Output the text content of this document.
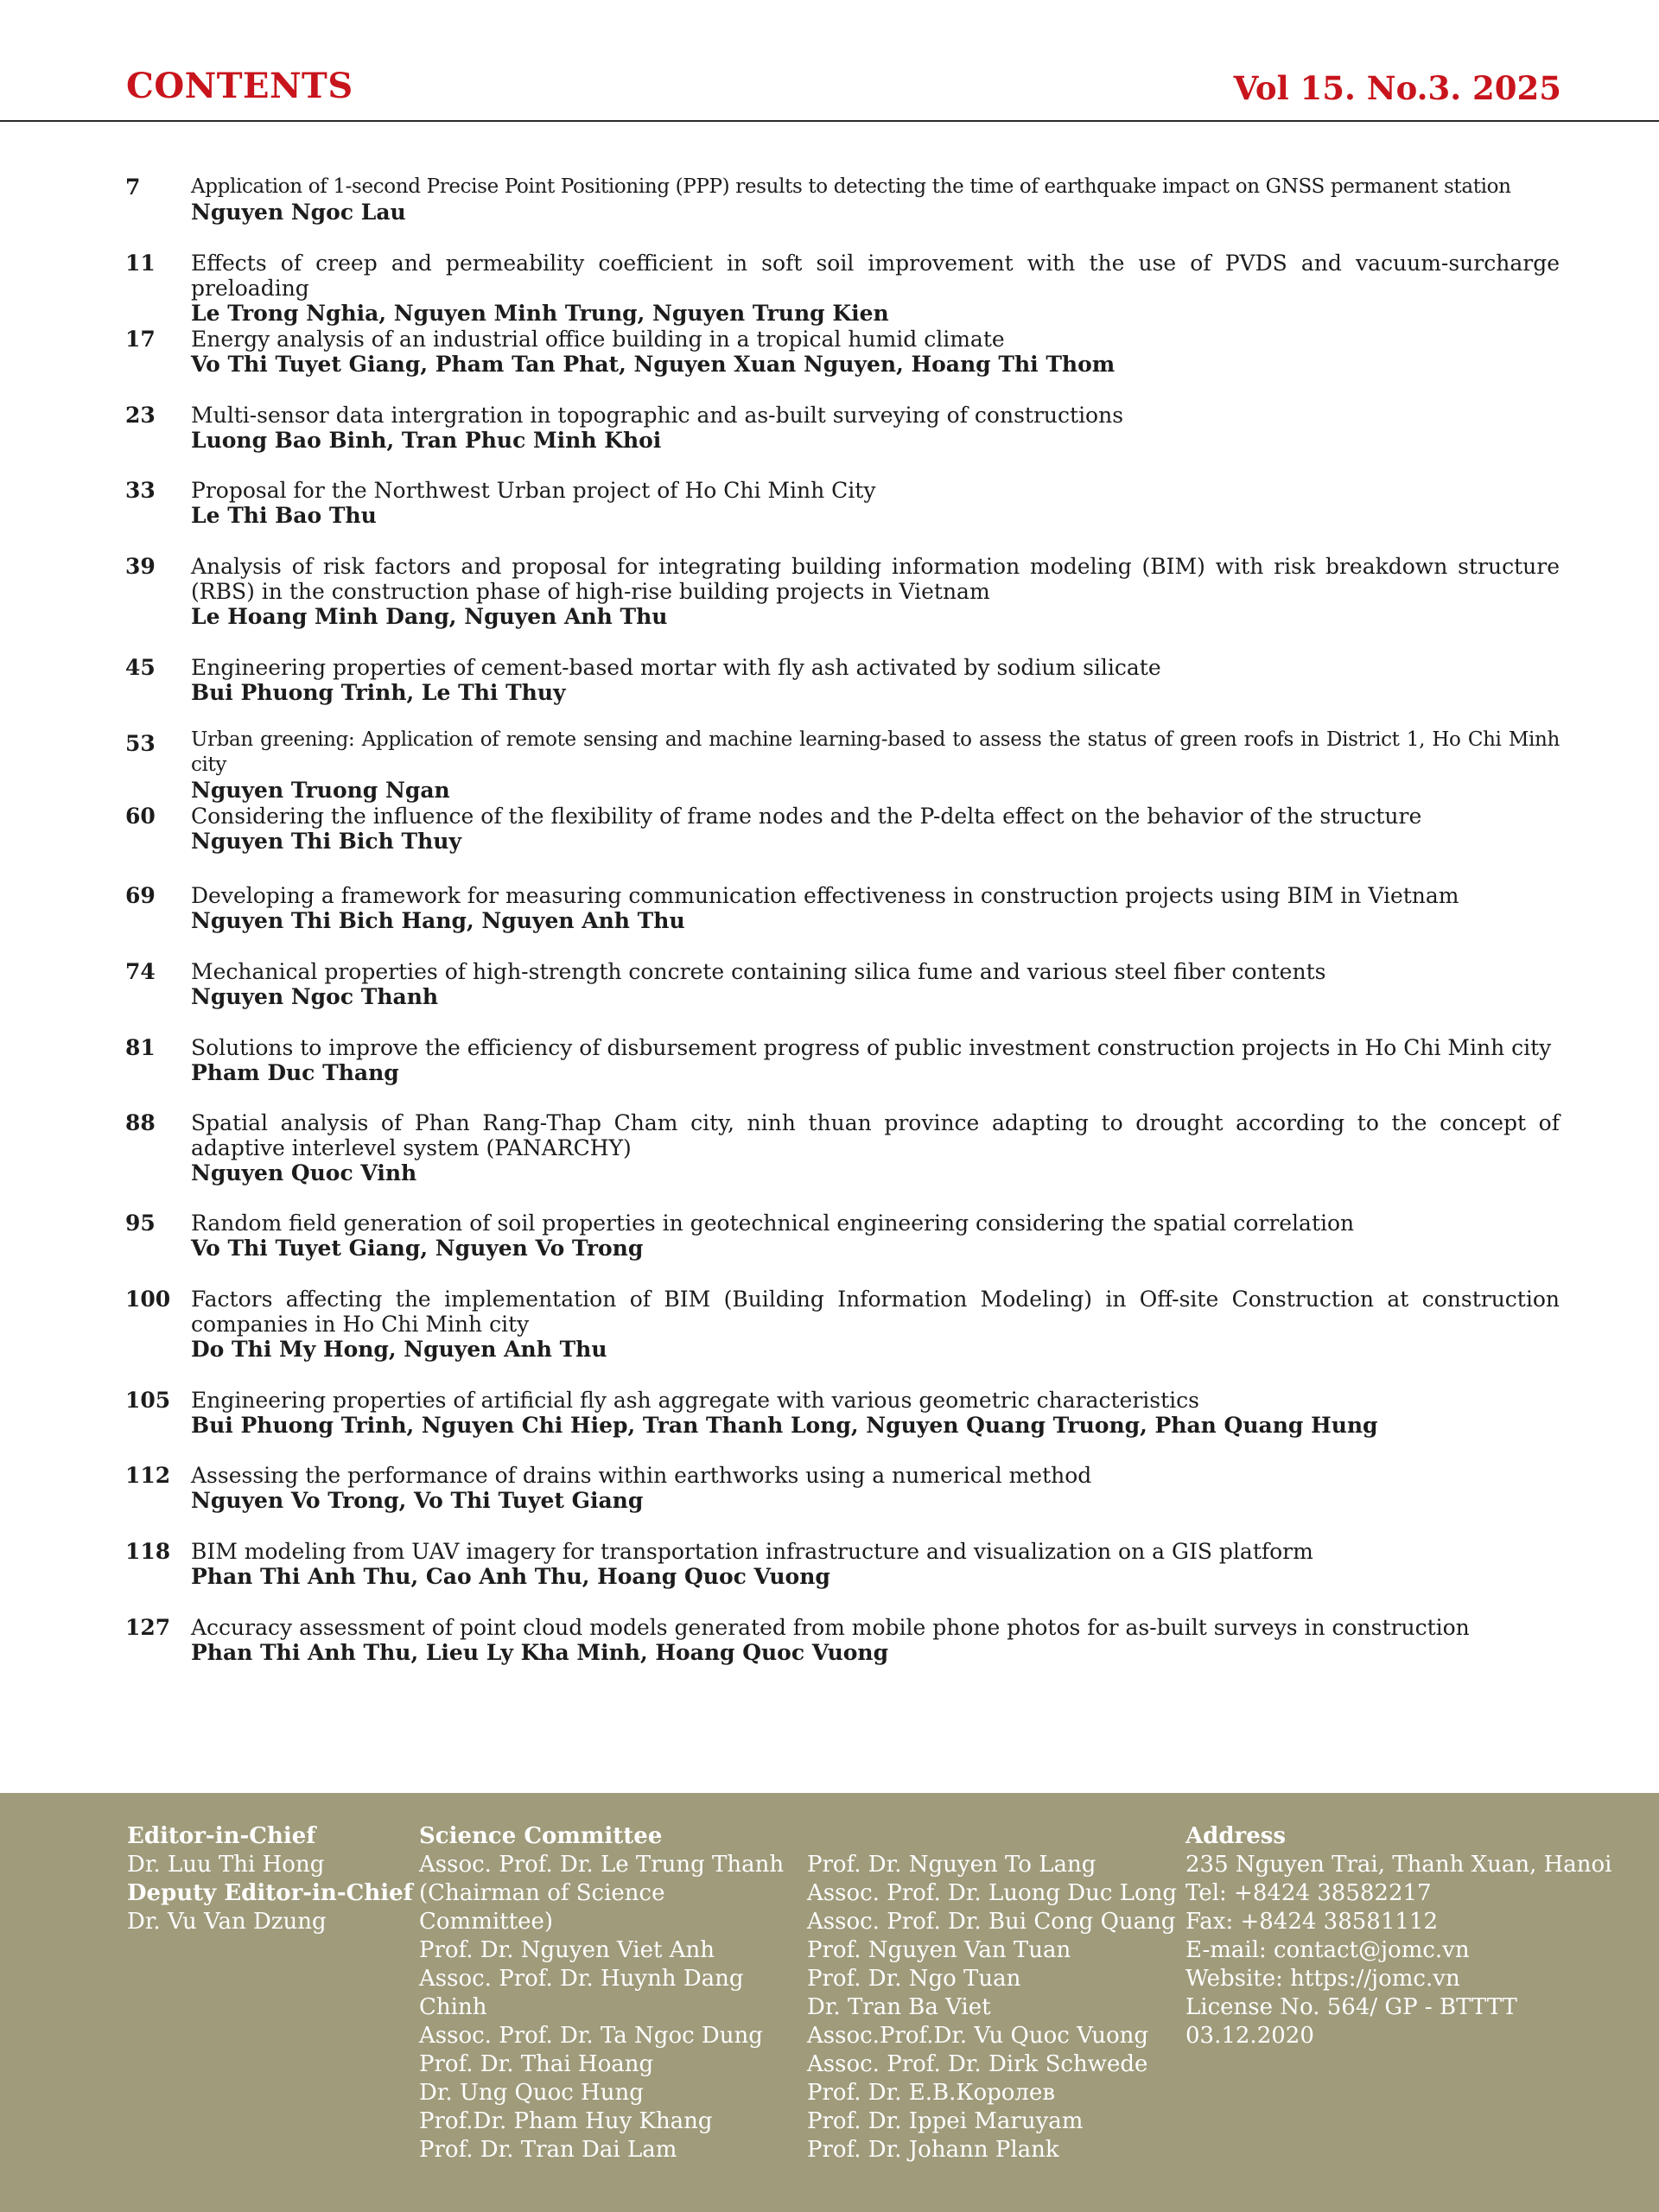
CONTENTS	Vol 15. No.3. 2025
7	Application of 1-second Precise Point Positioning (PPP) results to detecting the time of earthquake impact on GNSS permanent station
Nguyen Ngoc Lau
11	Effects of creep and permeability coefficient in soft soil improvement with the use of PVDS and vacuum-surcharge preloading
Le Trong Nghia, Nguyen Minh Trung, Nguyen Trung Kien
17	Energy analysis of an industrial office building in a tropical humid climate
Vo Thi Tuyet Giang, Pham Tan Phat, Nguyen Xuan Nguyen, Hoang Thi Thom
23	Multi-sensor data intergration in topographic and as-built surveying of constructions
Luong Bao Binh, Tran Phuc Minh Khoi
33	Proposal for the Northwest Urban project of Ho Chi Minh City
Le Thi Bao Thu
39	Analysis of risk factors and proposal for integrating building information modeling (BIM) with risk breakdown structure (RBS) in the construction phase of high-rise building projects in Vietnam
Le Hoang Minh Dang, Nguyen Anh Thu
45	Engineering properties of cement-based mortar with fly ash activated by sodium silicate
Bui Phuong Trinh, Le Thi Thuy
53	Urban greening: Application of remote sensing and machine learning-based to assess the status of green roofs in District 1, Ho Chi Minh city
Nguyen Truong Ngan
60	Considering the influence of the flexibility of frame nodes and the P-delta effect on the behavior of the structure
Nguyen Thi Bich Thuy
69	Developing a framework for measuring communication effectiveness in construction projects using BIM in Vietnam
Nguyen Thi Bich Hang, Nguyen Anh Thu
74	Mechanical properties of high-strength concrete containing silica fume and various steel fiber contents
Nguyen Ngoc Thanh
81	Solutions to improve the efficiency of disbursement progress of public investment construction projects in Ho Chi Minh city
Pham Duc Thang
88	Spatial analysis of Phan Rang-Thap Cham city, ninh thuan province adapting to drought according to the concept of adaptive interlevel system (PANARCHY)
Nguyen Quoc Vinh
95	Random field generation of soil properties in geotechnical engineering considering the spatial correlation
Vo Thi Tuyet Giang, Nguyen Vo Trong
100 Factors affecting the implementation of BIM (Building Information Modeling) in Off-site Construction at construction companies in Ho Chi Minh city
Do Thi My Hong, Nguyen Anh Thu
105 Engineering properties of artificial fly ash aggregate with various geometric characteristics
Bui Phuong Trinh, Nguyen Chi Hiep, Tran Thanh Long, Nguyen Quang Truong, Phan Quang Hung
112 Assessing the performance of drains within earthworks using a numerical method
Nguyen Vo Trong, Vo Thi Tuyet Giang
118 BIM modeling from UAV imagery for transportation infrastructure and visualization on a GIS platform
Phan Thi Anh Thu, Cao Anh Thu, Hoang Quoc Vuong
127 Accuracy assessment of point cloud models generated from mobile phone photos for as-built surveys in construction
Phan Thi Anh Thu, Lieu Ly Kha Minh, Hoang Quoc Vuong
Editor-in-Chief
Dr. Luu Thi Hong
Deputy Editor-in-Chief
Dr. Vu Van Dzung
Science Committee
Assoc. Prof. Dr. Le Trung Thanh
(Chairman of Science
Committee)
Prof. Dr. Nguyen Viet Anh
Assoc. Prof. Dr. Huynh Dang
Chinh
Assoc. Prof. Dr. Ta Ngoc Dung
Prof. Dr. Thai Hoang
Dr. Ung Quoc Hung
Prof.Dr. Pham Huy Khang
Prof. Dr. Tran Dai Lam
Prof. Dr. Nguyen To Lang
Assoc. Prof. Dr. Luong Duc Long
Assoc. Prof. Dr. Bui Cong Quang
Prof. Nguyen Van Tuan
Prof. Dr. Ngo Tuan
Dr. Tran Ba Viet
Assoc.Prof.Dr. Vu Quoc Vuong
Assoc. Prof. Dr. Dirk Schwede
Prof. Dr. E.B.Королев
Prof. Dr. Ippei Maruyam
Prof. Dr. Johann Plank
Address
235 Nguyen Trai, Thanh Xuan, Hanoi
Tel: +8424 38582217
Fax: +8424 38581112
E-mail: contact@jomc.vn
Website: https://jomc.vn
License No. 564/ GP - BTTTT
03.12.2020
